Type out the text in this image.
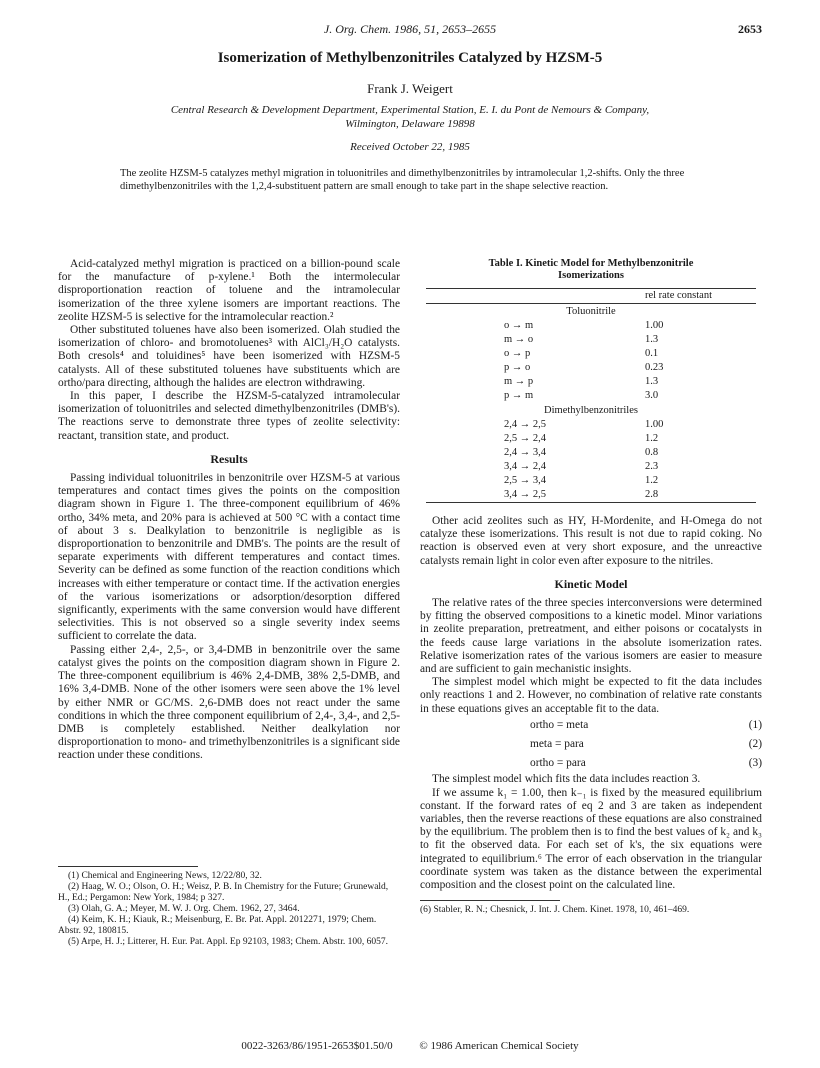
J. Org. Chem. 1986, 51, 2653–2655	2653
Isomerization of Methylbenzonitriles Catalyzed by HZSM-5
Frank J. Weigert
Central Research & Development Department, Experimental Station, E. I. du Pont de Nemours & Company,
Wilmington, Delaware 19898
Received October 22, 1985
The zeolite HZSM-5 catalyzes methyl migration in toluonitriles and dimethylbenzonitriles by intramolecular 1,2-shifts. Only the three dimethylbenzonitriles with the 1,2,4-substituent pattern are small enough to take part in the shape selective reaction.

Acid-catalyzed methyl migration is practiced on a billion-pound scale for the manufacture of p-xylene.¹ Both the intermolecular disproportionation reaction of toluene and the intramolecular isomerization of the three xylene isomers are important reactions. The zeolite HZSM-5 is selective for the intramolecular reaction.²

Other substituted toluenes have also been isomerized. Olah studied the isomerization of chloro- and bromotoluenes³ with AlCl₃/H₂O catalysts. Both cresols⁴ and toluidines⁵ have been isomerized with HZSM-5 catalysts. All of these substituted toluenes have substituents which are ortho/para directing, although the halides are electron withdrawing.

In this paper, I describe the HZSM-5-catalyzed intramolecular isomerization of toluonitriles and selected dimethylbenzonitriles (DMB's). The reactions serve to demonstrate three types of zeolite selectivity: reactant, transition state, and product.

Results

Passing individual toluonitriles in benzonitrile over HZSM-5 at various temperatures and contact times gives the points on the composition diagram shown in Figure 1. The three-component equilibrium of 46% ortho, 34% meta, and 20% para is achieved at 500 °C with a contact time of about 3 s. Dealkylation to benzonitrile is negligible as is disproportionation to benzonitrile and DMB's. The points are the result of separate experiments with different temperatures and contact times. Severity can be defined as some function of the reaction conditions which increases with either temperature or contact time. If the activation energies of the various isomerizations or adsorption/desorption differed significantly, experiments with the same conversion would have different selectivities. This is not observed so a single severity index seems sufficient to correlate the data.

Passing either 2,4-, 2,5-, or 3,4-DMB in benzonitrile over the same catalyst gives the points on the composition diagram shown in Figure 2. The three-component equilibrium is 46% 2,4-DMB, 38% 2,5-DMB, and 16% 3,4-DMB. None of the other isomers were seen above the 1% level by either NMR or GC/MS. 2,6-DMB does not react under the same conditions in which the three component equilibrium of 2,4-, 3,4-, and 2,5-DMB is completely established. Neither dealkylation nor disproportionation to mono- and trimethylbenzonitriles is a significant side reaction under these conditions.

(1) Chemical and Engineering News, 12/22/80, 32.
(2) Haag, W. O.; Olson, O. H.; Weisz, P. B. In Chemistry for the Future; Grunewald, H., Ed.; Pergamon: New York, 1984; p 327.
(3) Olah, G. A.; Meyer, M. W. J. Org. Chem. 1962, 27, 3464.
(4) Keim, K. H.; Kiauk, R.; Meisenburg, E. Br. Pat. Appl. 2012271, 1979; Chem. Abstr. 92, 180815.
(5) Arpe, H. J.; Litterer, H. Eur. Pat. Appl. Ep 92103, 1983; Chem. Abstr. 100, 6057.
Table I. Kinetic Model for Methylbenzonitrile
Isomerizations
	rel rate constant
Toluonitrile	
o → m	1.00
m → o	1.3
o → p	0.1
p → o	0.23
m → p	1.3
p → m	3.0
Dimethylbenzonitriles	
2,4 → 2,5	1.00
2,5 → 2,4	1.2
2,4 → 3,4	0.8
3,4 → 2,4	2.3
2,5 → 3,4	1.2
3,4 → 2,5	2.8

Other acid zeolites such as HY, H-Mordenite, and H-Omega do not catalyze these isomerizations. This result is not due to rapid coking. No reaction is observed even at very short exposure, and the unreactive catalysts remain light in color even after exposure to the nitriles.

Kinetic Model

The relative rates of the three species interconversions were determined by fitting the observed compositions to a kinetic model. Minor variations in zeolite preparation, pretreatment, and either poisons or cocatalysts in the feeds cause large variations in the absolute isomerization rates. Relative isomerization rates of the various isomers are easier to measure and are sufficient to gain mechanistic insights.

The simplest model which might be expected to fit the data includes only reactions 1 and 2. However, no combination of relative rate constants in these equations gives an acceptable fit to the data.

ortho = meta	(1)
meta = para	(2)
ortho = para	(3)

The simplest model which fits the data includes reaction 3.

If we assume k₁ = 1.00, then k₋₁ is fixed by the measured equilibrium constant. If the forward rates of eq 2 and 3 are taken as independent variables, then the reverse reactions of these equations are also constrained by the equilibrium. The problem then is to find the best values of k₂ and k₃ to fit the observed data. For each set of k's, the six equations were integrated to equilibrium.⁶ The error of each observation in the triangular coordinate system was taken as the distance between the experimental composition and the closest point on the calculated line.

(6) Stabler, R. N.; Chesnick, J. Int. J. Chem. Kinet. 1978, 10, 461–469.
0022-3263/86/1951-2653$01.50/0 © 1986 American Chemical Society
